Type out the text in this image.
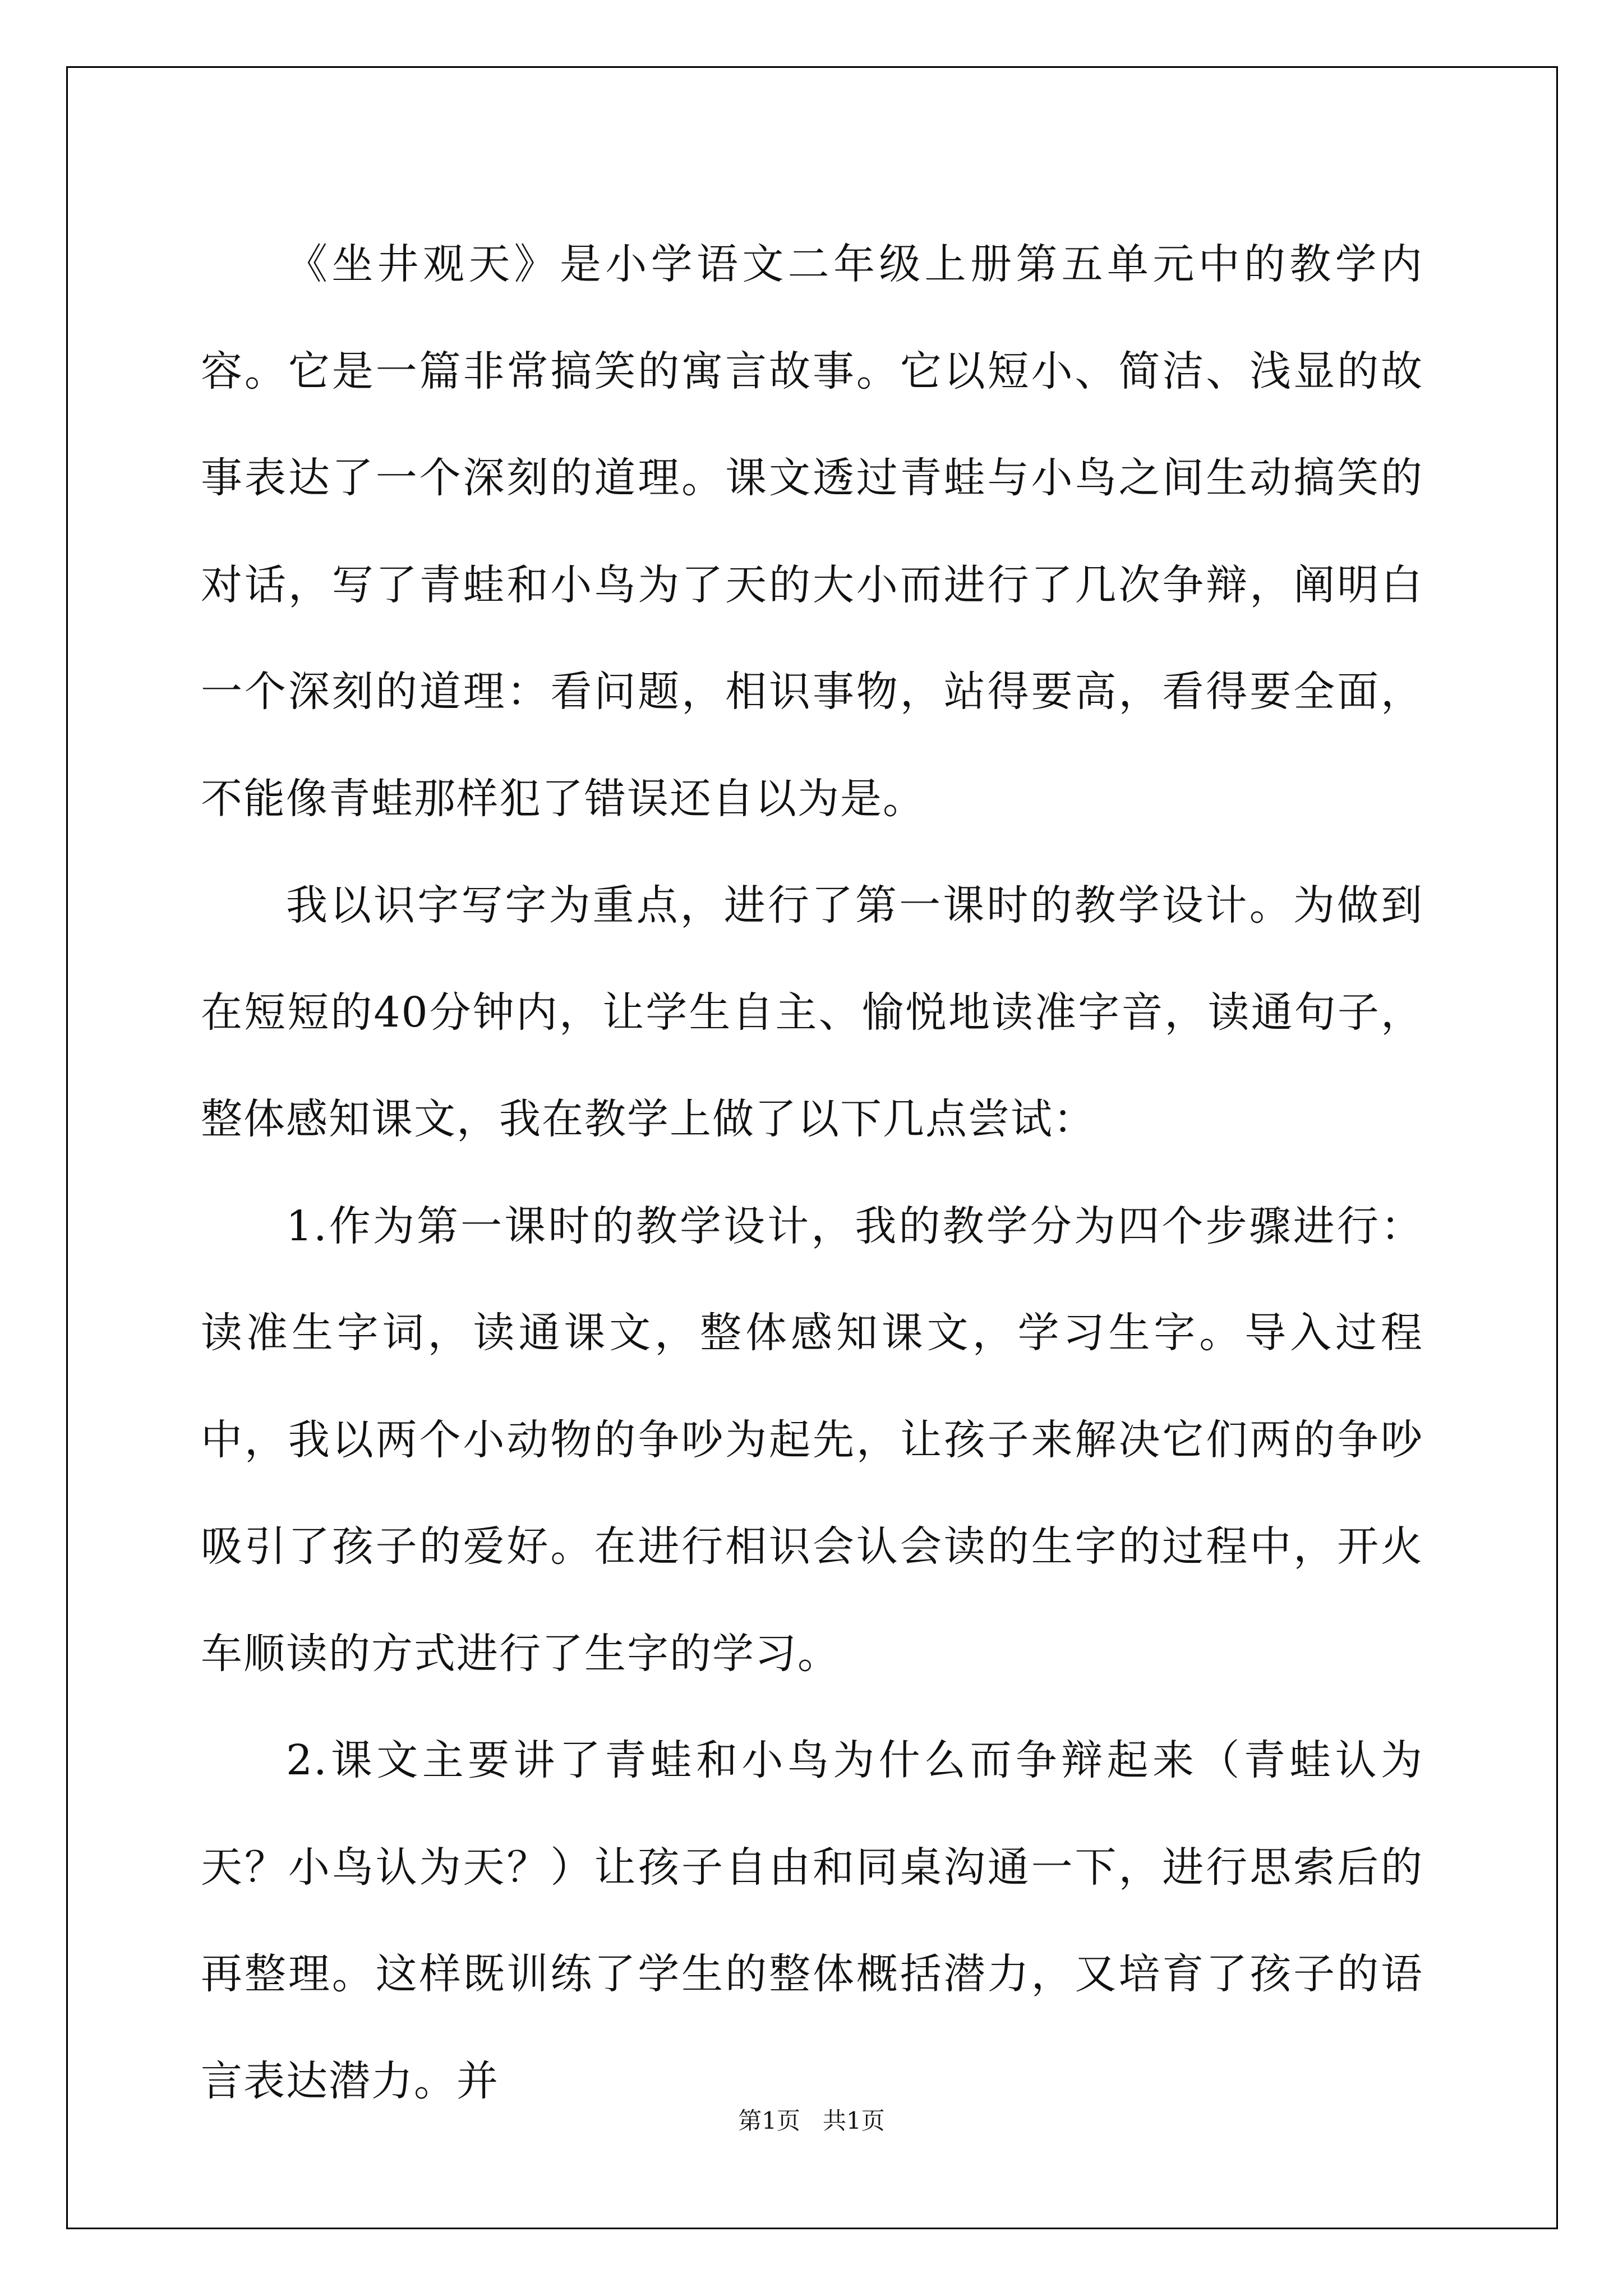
《坐井观天》是小学语文二年级上册第五单元中的教学内容。它是一篇非常搞笑的寓言故事。它以短小、简洁、浅显的故事表达了一个深刻的道理。课文透过青蛙与小鸟之间生动搞笑的对话，写了青蛙和小鸟为了天的大小而进行了几次争辩，阐明白一个深刻的道理：看问题，相识事物，站得要高，看得要全面，不能像青蛙那样犯了错误还自以为是。

我以识字写字为重点，进行了第一课时的教学设计。为做到在短短的40分钟内，让学生自主、愉悦地读准字音，读通句子，整体感知课文，我在教学上做了以下几点尝试：

1.作为第一课时的教学设计，我的教学分为四个步骤进行：读准生字词，读通课文，整体感知课文，学习生字。导入过程中，我以两个小动物的争吵为起先，让孩子来解决它们两的争吵吸引了孩子的爱好。在进行相识会认会读的生字的过程中，开火车顺读的方式进行了生字的学习。

2.课文主要讲了青蛙和小鸟为什么而争辩起来（青蛙认为天？小鸟认为天？）让孩子自由和同桌沟通一下，进行思索后的再整理。这样既训练了学生的整体概括潜力，又培育了孩子的语言表达潜力。并

第1页   共1页
